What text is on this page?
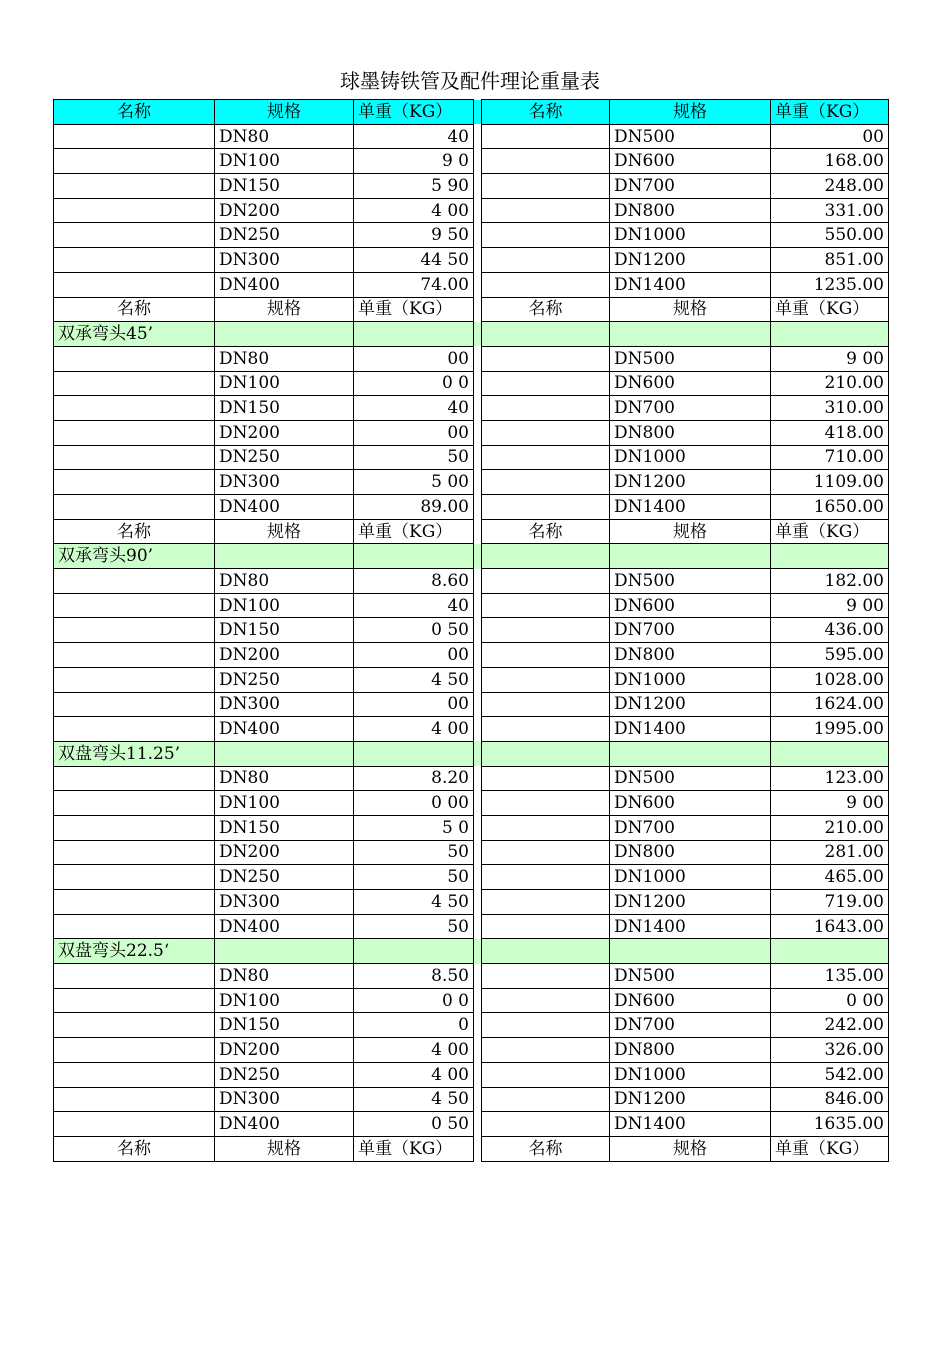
球墨铸铁管及配件理论重量表
名称	规格	单重（KG）		名称	规格	单重（KG）
	DN80	40			DN500	00
	DN100	9 0			DN600	168.00
	DN150	5 90			DN700	248.00
	DN200	4 00			DN800	331.00
	DN250	9 50			DN1000	550.00
	DN300	44 50			DN1200	851.00
	DN400	74.00			DN1400	1235.00
名称	规格	单重（KG）		名称	规格	单重（KG）
双承弯头45’						
	DN80	00			DN500	9 00
	DN100	0 0			DN600	210.00
	DN150	40			DN700	310.00
	DN200	00			DN800	418.00
	DN250	50			DN1000	710.00
	DN300	5 00			DN1200	1109.00
	DN400	89.00			DN1400	1650.00
名称	规格	单重（KG）		名称	规格	单重（KG）
双承弯头90’						
	DN80	8.60			DN500	182.00
	DN100	40			DN600	9 00
	DN150	0 50			DN700	436.00
	DN200	00			DN800	595.00
	DN250	4 50			DN1000	1028.00
	DN300	00			DN1200	1624.00
	DN400	4 00			DN1400	1995.00
双盘弯头11.25’						
	DN80	8.20			DN500	123.00
	DN100	0 00			DN600	9 00
	DN150	5 0			DN700	210.00
	DN200	50			DN800	281.00
	DN250	50			DN1000	465.00
	DN300	4 50			DN1200	719.00
	DN400	50			DN1400	1643.00
双盘弯头22.5‘						
	DN80	8.50			DN500	135.00
	DN100	0 0			DN600	0 00
	DN150	0			DN700	242.00
	DN200	4 00			DN800	326.00
	DN250	4 00			DN1000	542.00
	DN300	4 50			DN1200	846.00
	DN400	0 50			DN1400	1635.00
名称	规格	单重（KG）		名称	规格	单重（KG）
